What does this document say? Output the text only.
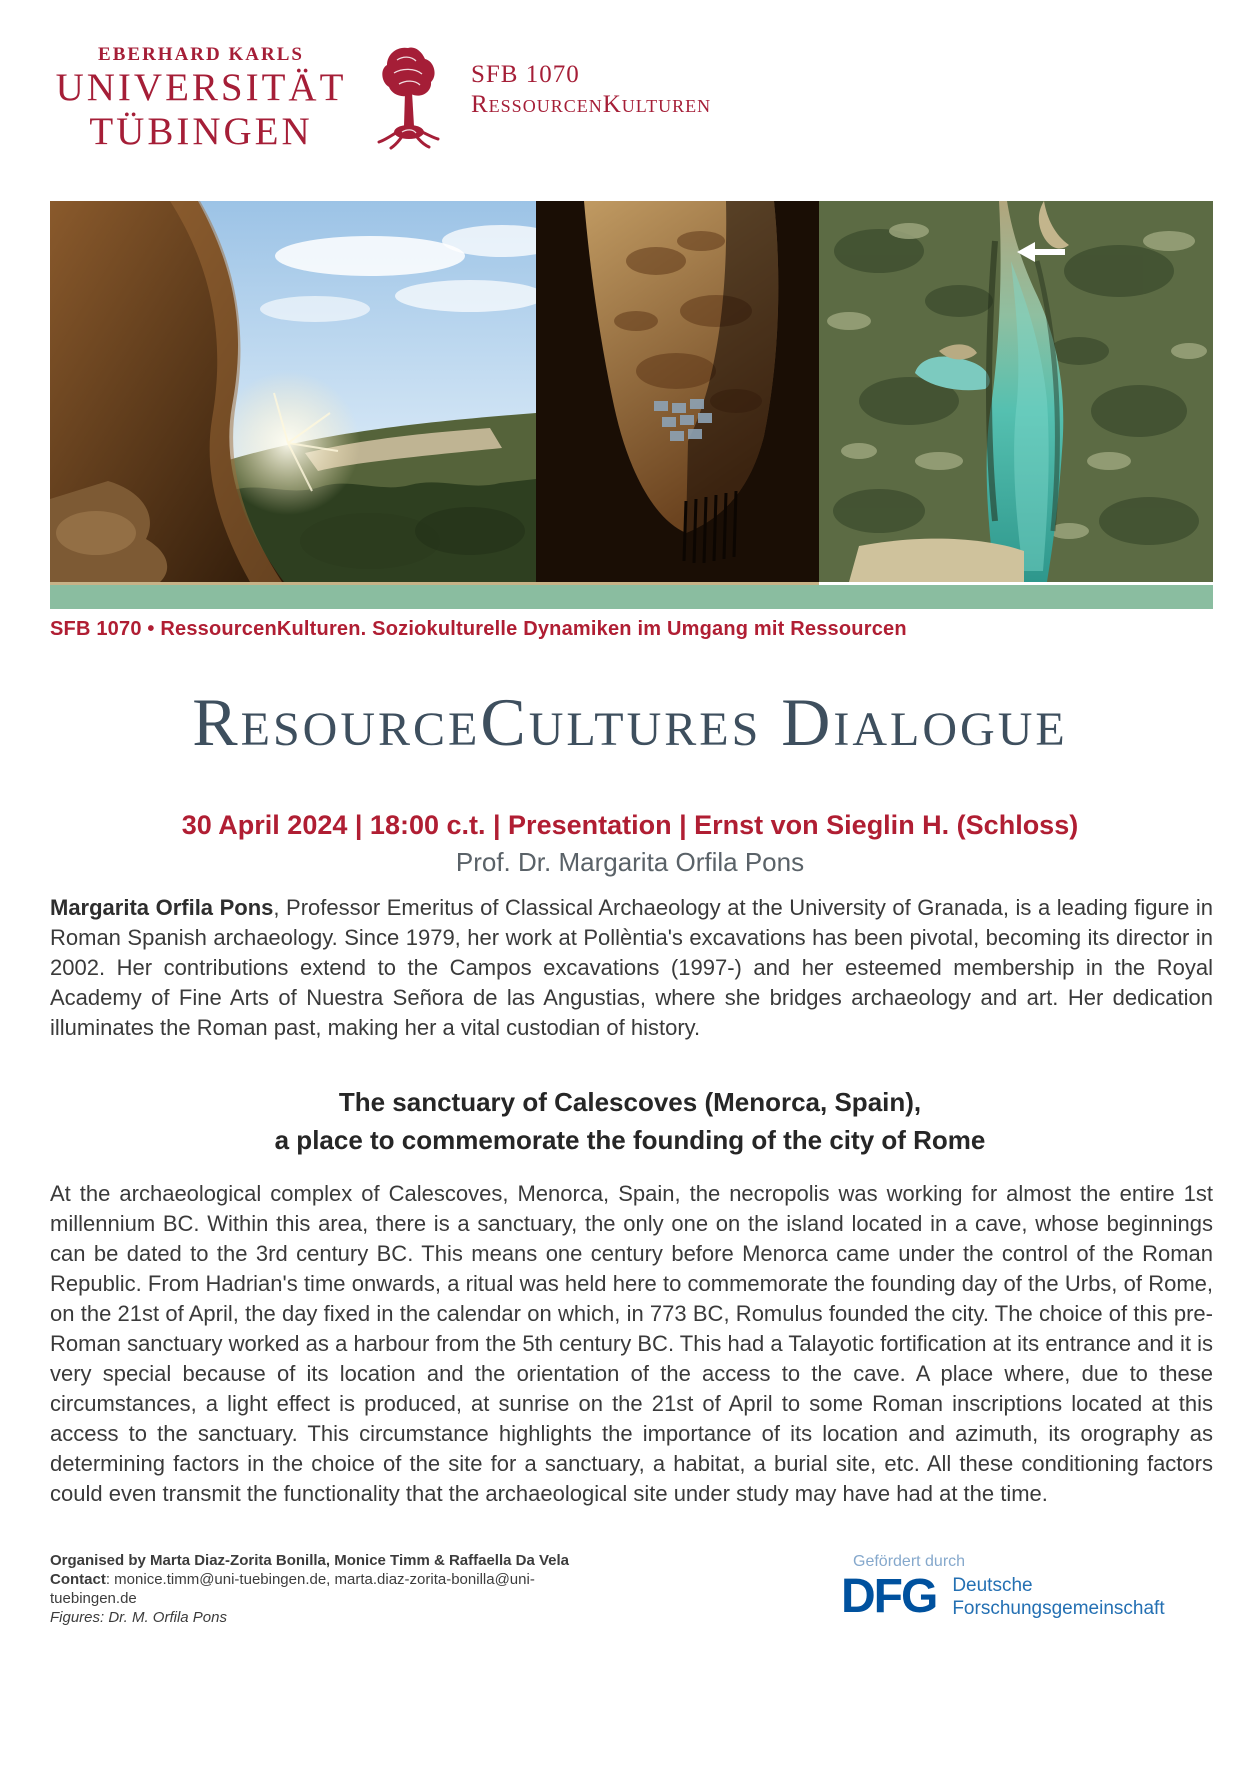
EBERHARD KARLS
UNIVERSITÄT
TÜBINGEN
SFB 1070
RessourcenKulturen
SFB 1070 • RessourcenKulturen. Soziokulturelle Dynamiken im Umgang mit Ressourcen
ResourceCultures Dialogue
30 April 2024 | 18:00 c.t. | Presentation | Ernst von Sieglin H. (Schloss)
Prof. Dr. Margarita Orfila Pons

Margarita Orfila Pons, Professor Emeritus of Classical Archaeology at the University of Granada, is a leading figure in Roman Spanish archaeology. Since 1979, her work at Pollèntia's excavations has been pivotal, becoming its director in 2002. Her contributions extend to the Campos excavations (1997-) and her esteemed membership in the Royal Academy of Fine Arts of Nuestra Señora de las Angustias, where she bridges archaeology and art. Her dedication illuminates the Roman past, making her a vital custodian of history.

The sanctuary of Calescoves (Menorca, Spain),
a place to commemorate the founding of the city of Rome

At the archaeological complex of Calescoves, Menorca, Spain, the necropolis was working for almost the entire 1st millennium BC. Within this area, there is a sanctuary, the only one on the island located in a cave, whose beginnings can be dated to the 3rd century BC. This means one century before Menorca came under the control of the Roman Republic. From Hadrian's time onwards, a ritual was held here to commemorate the founding day of the Urbs, of Rome, on the 21st of April, the day fixed in the calendar on which, in 773 BC, Romulus founded the city. The choice of this pre-Roman sanctuary worked as a harbour from the 5th century BC. This had a Talayotic fortification at its entrance and it is very special because of its location and the orientation of the access to the cave. A place where, due to these circumstances, a light effect is produced, at sunrise on the 21st of April to some Roman inscriptions located at this access to the sanctuary. This circumstance highlights the importance of its location and azimuth, its orography as determining factors in the choice of the site for a sanctuary, a habitat, a burial site, etc. All these conditioning factors could even transmit the functionality that the archaeological site under study may have had at the time.

Organised by Marta Diaz-Zorita Bonilla, Monice Timm & Raffaella Da Vela
Contact: monice.timm@uni-tuebingen.de, marta.diaz-zorita-bonilla@uni-tuebingen.de
Figures: Dr. M. Orfila Pons
Gefördert durch
DFG Deutsche
Forschungsgemeinschaft
